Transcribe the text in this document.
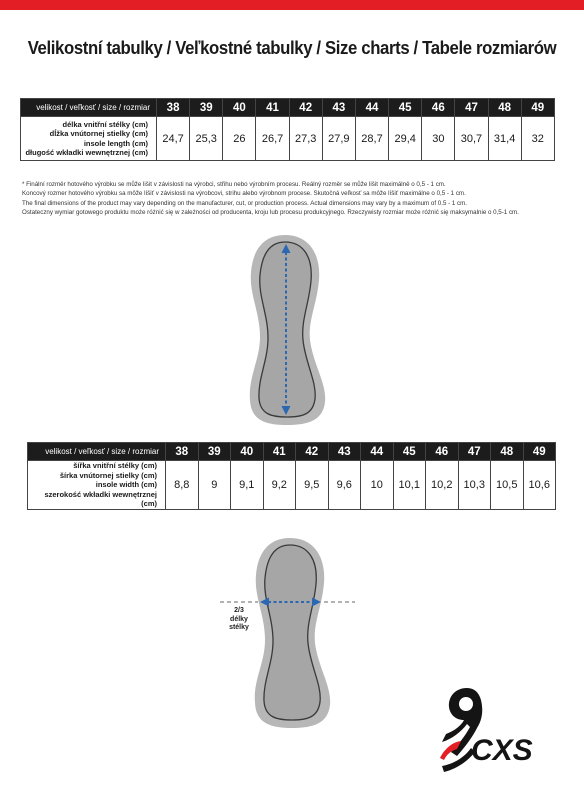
Velikostní tabulky / Veľkostné tabulky / Size charts / Tabele rozmiarów
velikost / veľkosť / size / rozmiar	38	39	40	41	42	43	44	45	46	47	48	49

délka vnitřní stélky (cm)
dĺžka vnútornej stielky (cm)
insole length (cm)
długość wkładki wewnętrznej (cm)	24,7	25,3	26	26,7	27,3	27,9	28,7	29,4	30	30,7	31,4	32
* Finální rozměr hotového výrobku se může lišit v závislosti na výrobci, střihu nebo výrobním procesu. Reálný rozměr se může lišit maximálně o 0,5 - 1 cm.
Koncový rozmer hotového výrobku sa môže líšiť v závislosti na výrobcovi, strihu alebo výrobnom procese. Skutočná veľkosť sa môže líšiť maximálne o 0,5 - 1 cm.
The final dimensions of the product may vary depending on the manufacturer, cut, or production process. Actual dimensions may vary by a maximum of 0.5 - 1 cm.
Ostateczny wymiar gotowego produktu może różnić się w zależności od producenta, kroju lub procesu produkcyjnego. Rzeczywisty rozmiar może różnić się maksymalnie o 0,5-1 cm.
velikost / veľkosť / size / rozmiar	38	39	40	41	42	43	44	45	46	47	48	49

šířka vnitřní stélky (cm)
šírka vnútornej stielky (cm)
insole width (cm)
szerokość wkładki wewnętrznej (cm)	8,8	9	9,1	9,2	9,5	9,6	10	10,1	10,2	10,3	10,5	10,6
2/3
délky
stélky
CXS
